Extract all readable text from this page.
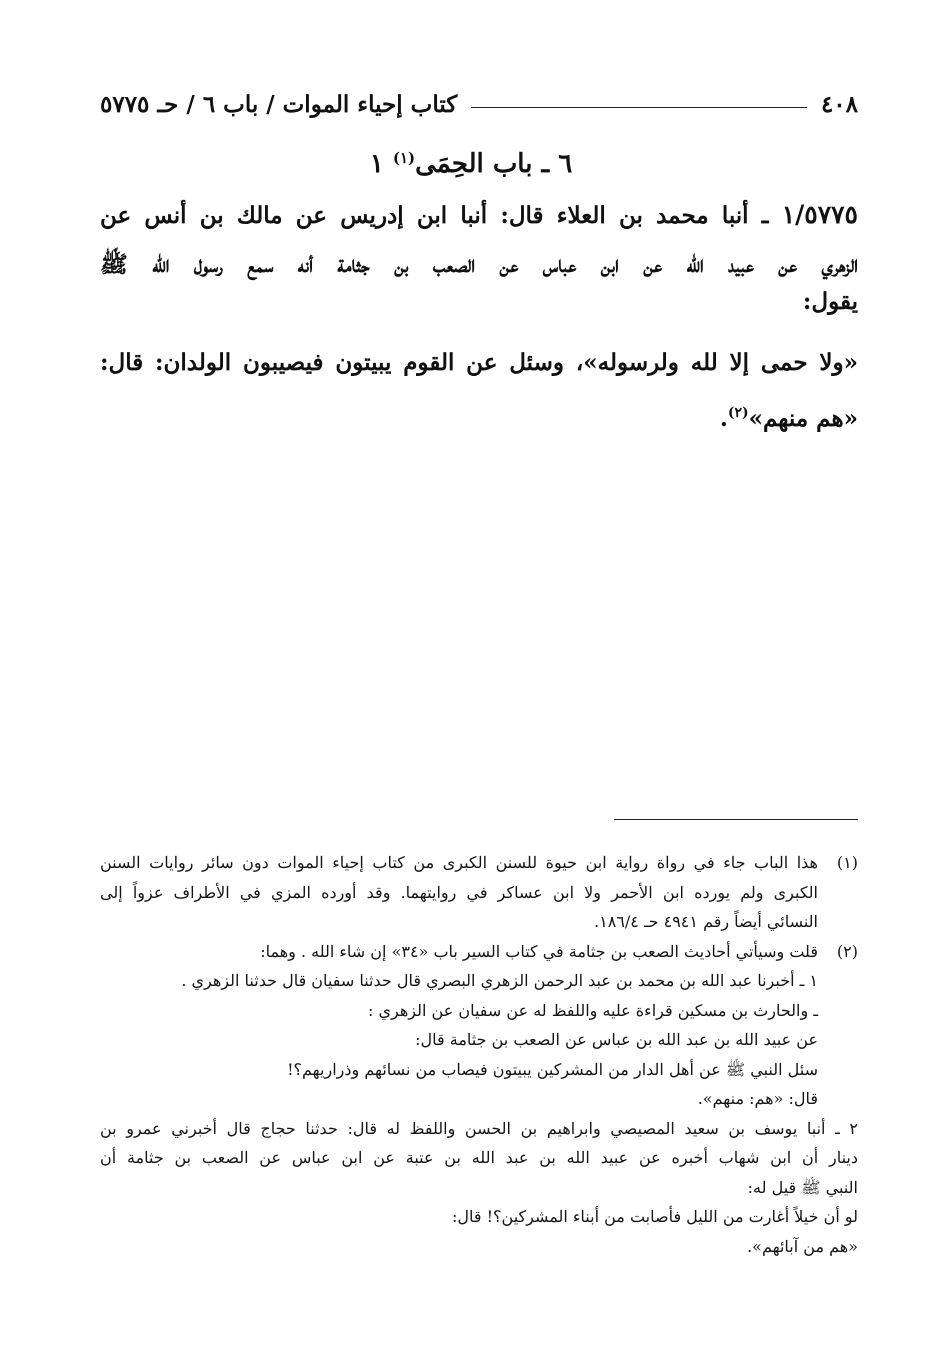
٤٠٨
كتاب إحياء الموات / باب ٦ / حـ ٥٧٧٥
٦ ـ باب الحِمَى$^{(١)}$ ١
١/٥٧٧٥ ـ أنبا محمد بن العلاء قال: أنبا ابن إدريس عن مالك بن أنس عن
الزهري عن عبيد الله عن ابن عباس عن الصعب بن جثامة أنه سمع رسول الله ﷺ
يقول:
«ولا حمى إلا لله ولرسوله»، وسئل عن القوم يبيتون فيصيبون الولدان: قال:
«هم منهم»$^{(٢)}$.
(١)
هذا الباب جاء في رواة رواية ابن حيوة للسنن الكبرى من كتاب إحياء الموات دون سائر روايات السنن
الكبرى ولم يورده ابن الأحمر ولا ابن عساكر في روايتهما. وقد أورده المزي في الأطراف عزواً إلى
النسائي أيضاً رقم ٤٩٤١ حـ ١٨٦/٤.
(٢)
قلت وسيأتي أحاديث الصعب بن جثامة في كتاب السير باب «٣٤» إن شاء الله . وهما:
١ ـ أخبرنا عبد الله بن محمد بن عبد الرحمن الزهري البصري قال حدثنا سفيان قال حدثنا الزهري .
ـ والحارث بن مسكين قراءة عليه واللفظ له عن سفيان عن الزهري :
عن عبيد الله بن عبد الله بن عباس عن الصعب بن جثامة قال:
سئل النبي ﷺ عن أهل الدار من المشركين يبيتون فيصاب من نسائهم وذراريهم؟!
قال: «هم: منهم».
٢ ـ أنبا يوسف بن سعيد المصيصي وابراهيم بن الحسن واللفظ له قال: حدثنا حجاج قال أخبرني عمرو بن
دينار أن ابن شهاب أخبره عن عبيد الله بن عبد الله بن عتبة عن ابن عباس عن الصعب بن جثامة أن
النبي ﷺ قيل له:
لو أن خيلاً أغارت من الليل فأصابت من أبناء المشركين؟! قال:
«هم من آبائهم».
